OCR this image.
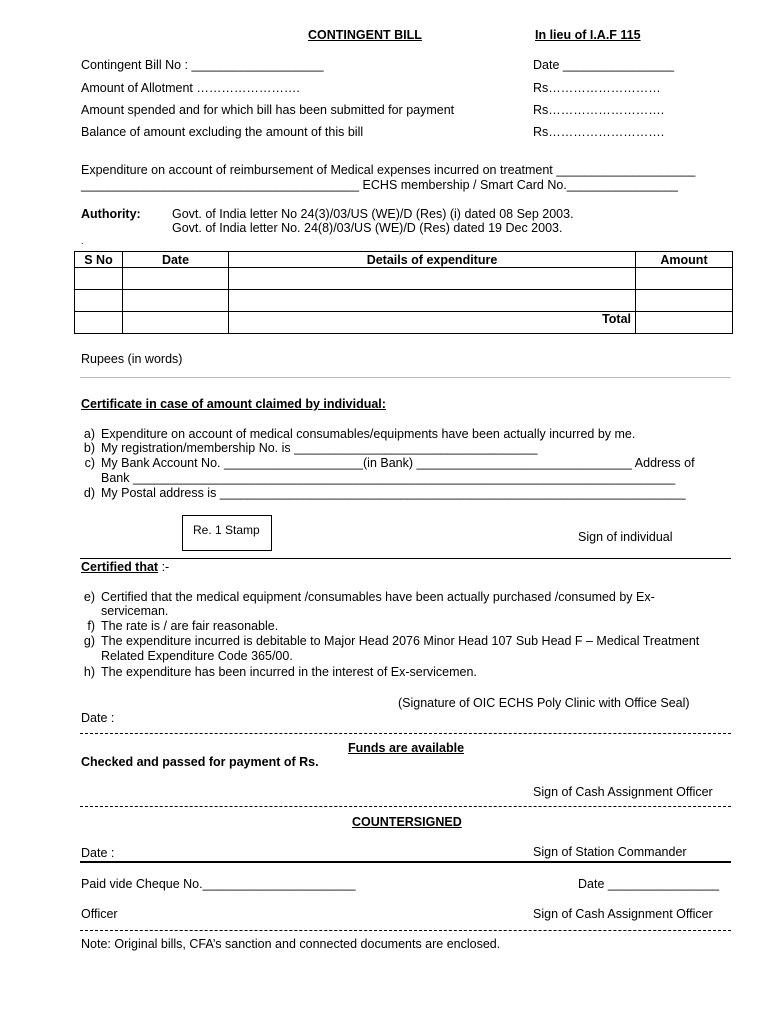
CONTINGENT BILL	In lieu of I.A.F 115
Contingent Bill No : ___________________	Date ________________
Amount of Allotment …………………….	Rs………………………
Amount spended and for which bill has been submitted for payment	Rs……………………….
Balance of amount excluding the amount of this bill	Rs……………………….
Expenditure on account of reimbursement of Medical expenses incurred on treatment ____________________
________________________________________ ECHS membership / Smart Card No.________________
Authority:	Govt. of India letter No 24(3)/03/US (WE)/D (Res) (i) dated 08 Sep 2003.
Govt. of India letter No. 24(8)/03/US (WE)/D (Res) dated 19 Dec 2003.
.
S No	Date	Details of expenditure	Amount

		Total	
Rupees (in words)
Certificate in case of amount claimed by individual:
a) Expenditure on account of medical consumables/equipments have been actually incurred by me.
b) My registration/membership No. is ___________________________________
c) My Bank Account No. ____________________(in Bank) _______________________________ Address of
Bank ______________________________________________________________________________
d) My Postal address is ___________________________________________________________________
Re. 1 Stamp	Sign of individual
Certified that :-
e) Certified that the medical equipment /consumables have been actually purchased /consumed by Ex-
serviceman.
f) The rate is / are fair reasonable.
g) The expenditure incurred is debitable to Major Head 2076 Minor Head 107 Sub Head F – Medical Treatment
Related Expenditure Code 365/00.
h) The expenditure has been incurred in the interest of Ex-servicemen.
(Signature of OIC ECHS Poly Clinic with Office Seal)
Date :
Funds are available
Checked and passed for payment of Rs.
Sign of Cash Assignment Officer
COUNTERSIGNED
Date :	Sign of Station Commander
Paid vide Cheque No.______________________	Date ________________
Officer	Sign of Cash Assignment Officer
Note: Original bills, CFA’s sanction and connected documents are enclosed.
